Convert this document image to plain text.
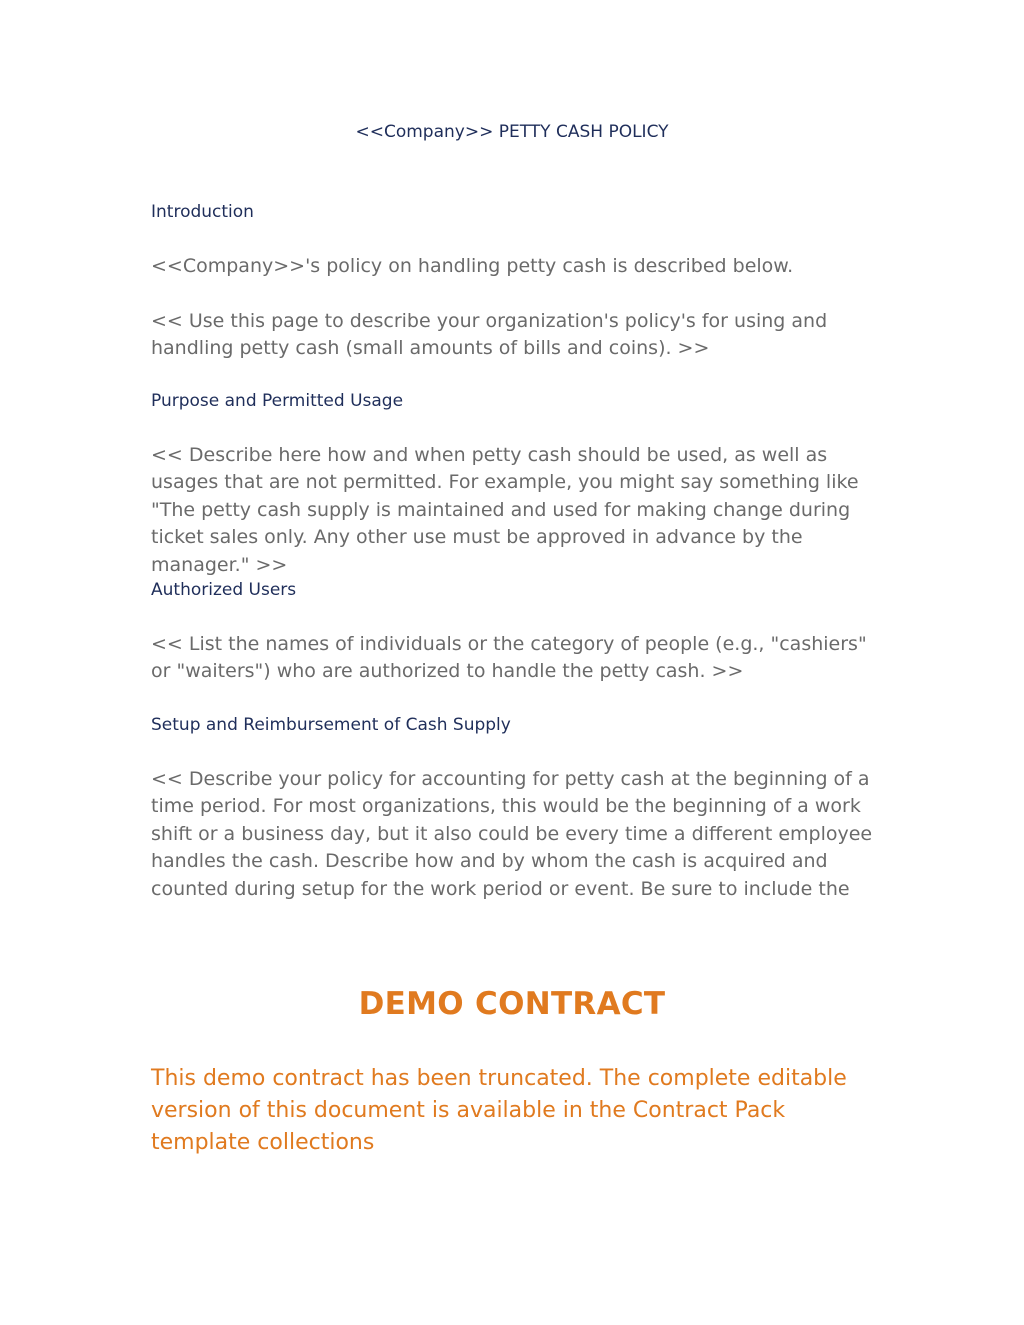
<<Company>> PETTY CASH POLICY
Introduction

<<Company>>'s policy on handling petty cash is described below.

<< Use this page to describe your organization's policy's for using and handling petty cash (small amounts of bills and coins). >>

Purpose and Permitted Usage

<< Describe here how and when petty cash should be used, as well as usages that are not permitted. For example, you might say something like "The petty cash supply is maintained and used for making change during ticket sales only. Any other use must be approved in advance by the manager." >>

Authorized Users

<< List the names of individuals or the category of people (e.g., "cashiers" or "waiters") who are authorized to handle the petty cash. >>

Setup and Reimbursement of Cash Supply

<< Describe your policy for accounting for petty cash at the beginning of a time period. For most organizations, this would be the beginning of a work shift or a business day, but it also could be every time a different employee handles the cash. Describe how and by whom the cash is acquired and counted during setup for the work period or event. Be sure to include the

DEMO CONTRACT

This demo contract has been truncated. The complete editable version of this document is available in the Contract Pack template collections
